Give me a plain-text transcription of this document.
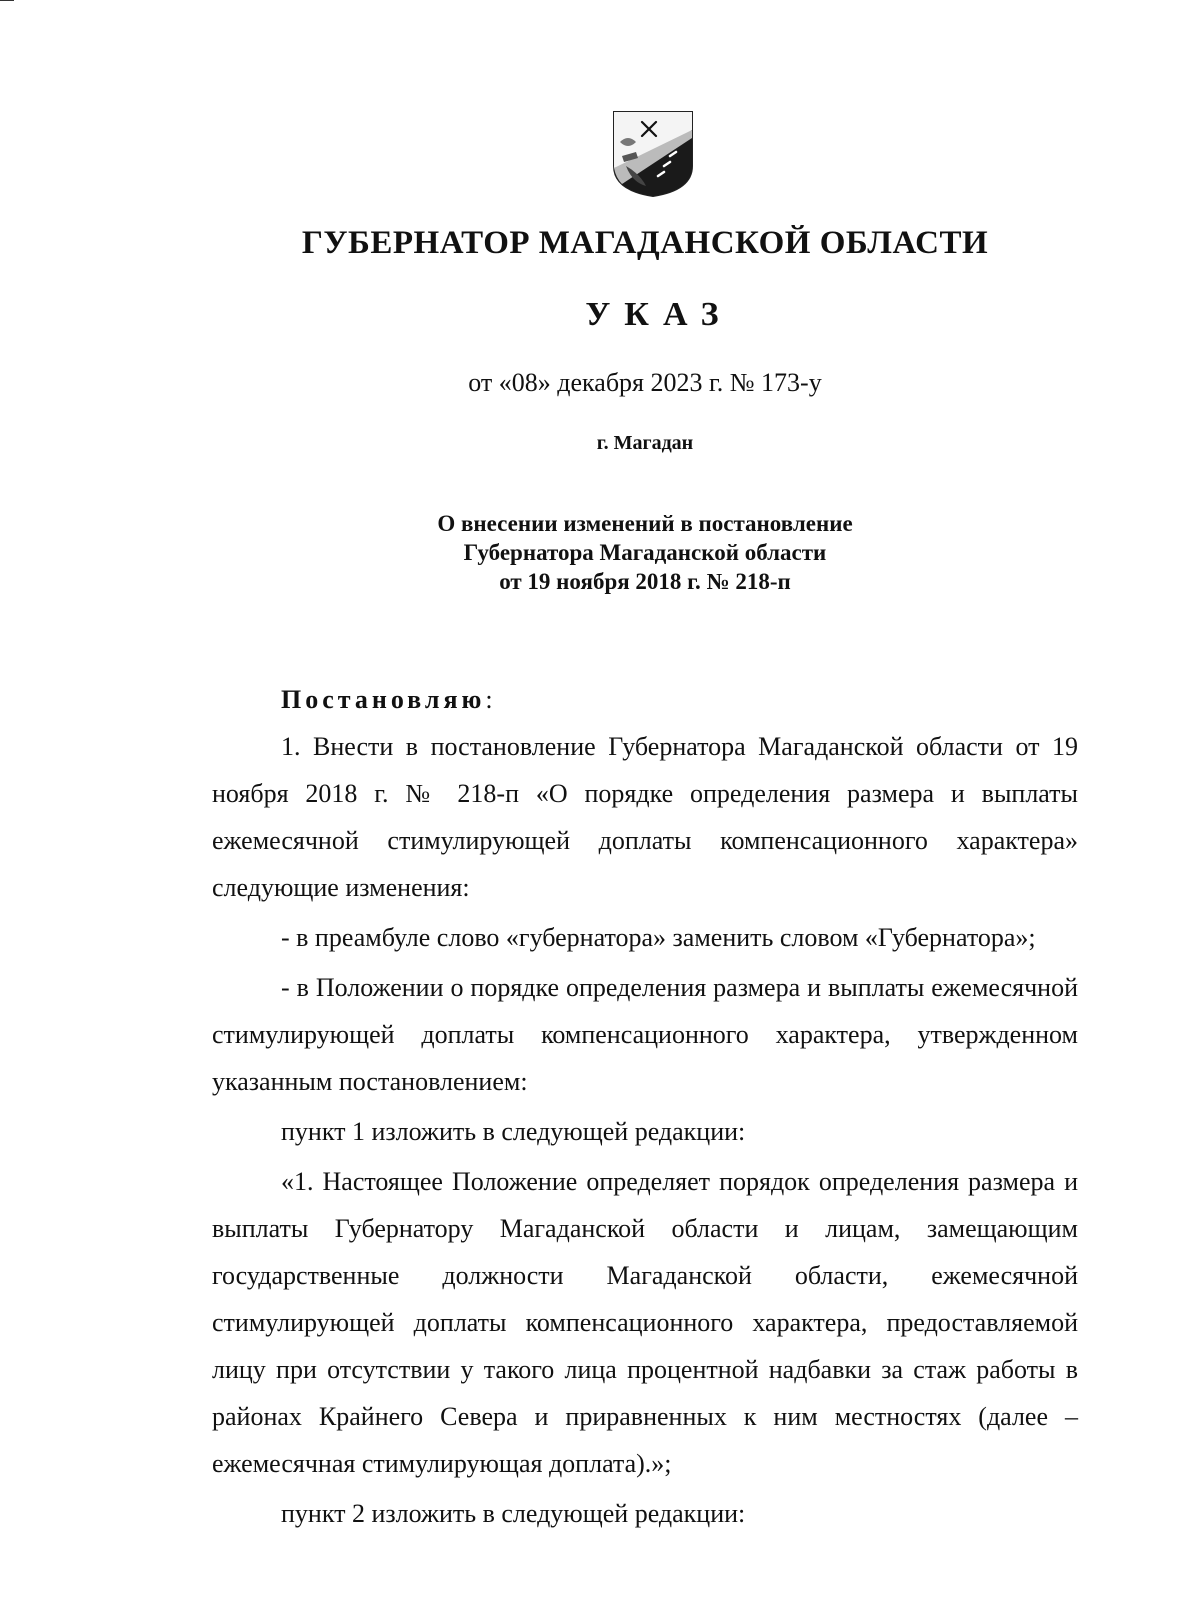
ГУБЕРНАТОР МАГАДАНСКОЙ ОБЛАСТИ
УКАЗ
от «08» декабря 2023 г. № 173-у
г. Магадан
О внесении изменений в постановление
Губернатора Магаданской области
от 19 ноября 2018 г. № 218-п

Постановляю:

1. Внести в постановление Губернатора Магаданской области от 19 ноября 2018 г. № 218-п «О порядке определения размера и выплаты ежемесячной стимулирующей доплаты компенсационного характера» следующие изменения:

- в преамбуле слово «губернатора» заменить словом «Губернатора»;

- в Положении о порядке определения размера и выплаты ежемесячной стимулирующей доплаты компенсационного характера, утвержденном указанным постановлением:

пункт 1 изложить в следующей редакции:

«1. Настоящее Положение определяет порядок определения размера и выплаты Губернатору Магаданской области и лицам, замещающим государственные должности Магаданской области, ежемесячной стимулирующей доплаты компенсационного характера, предоставляемой лицу при отсутствии у такого лица процентной надбавки за стаж работы в районах Крайнего Севера и приравненных к ним местностях (далее – ежемесячная стимулирующая доплата).»;

пункт 2 изложить в следующей редакции:
